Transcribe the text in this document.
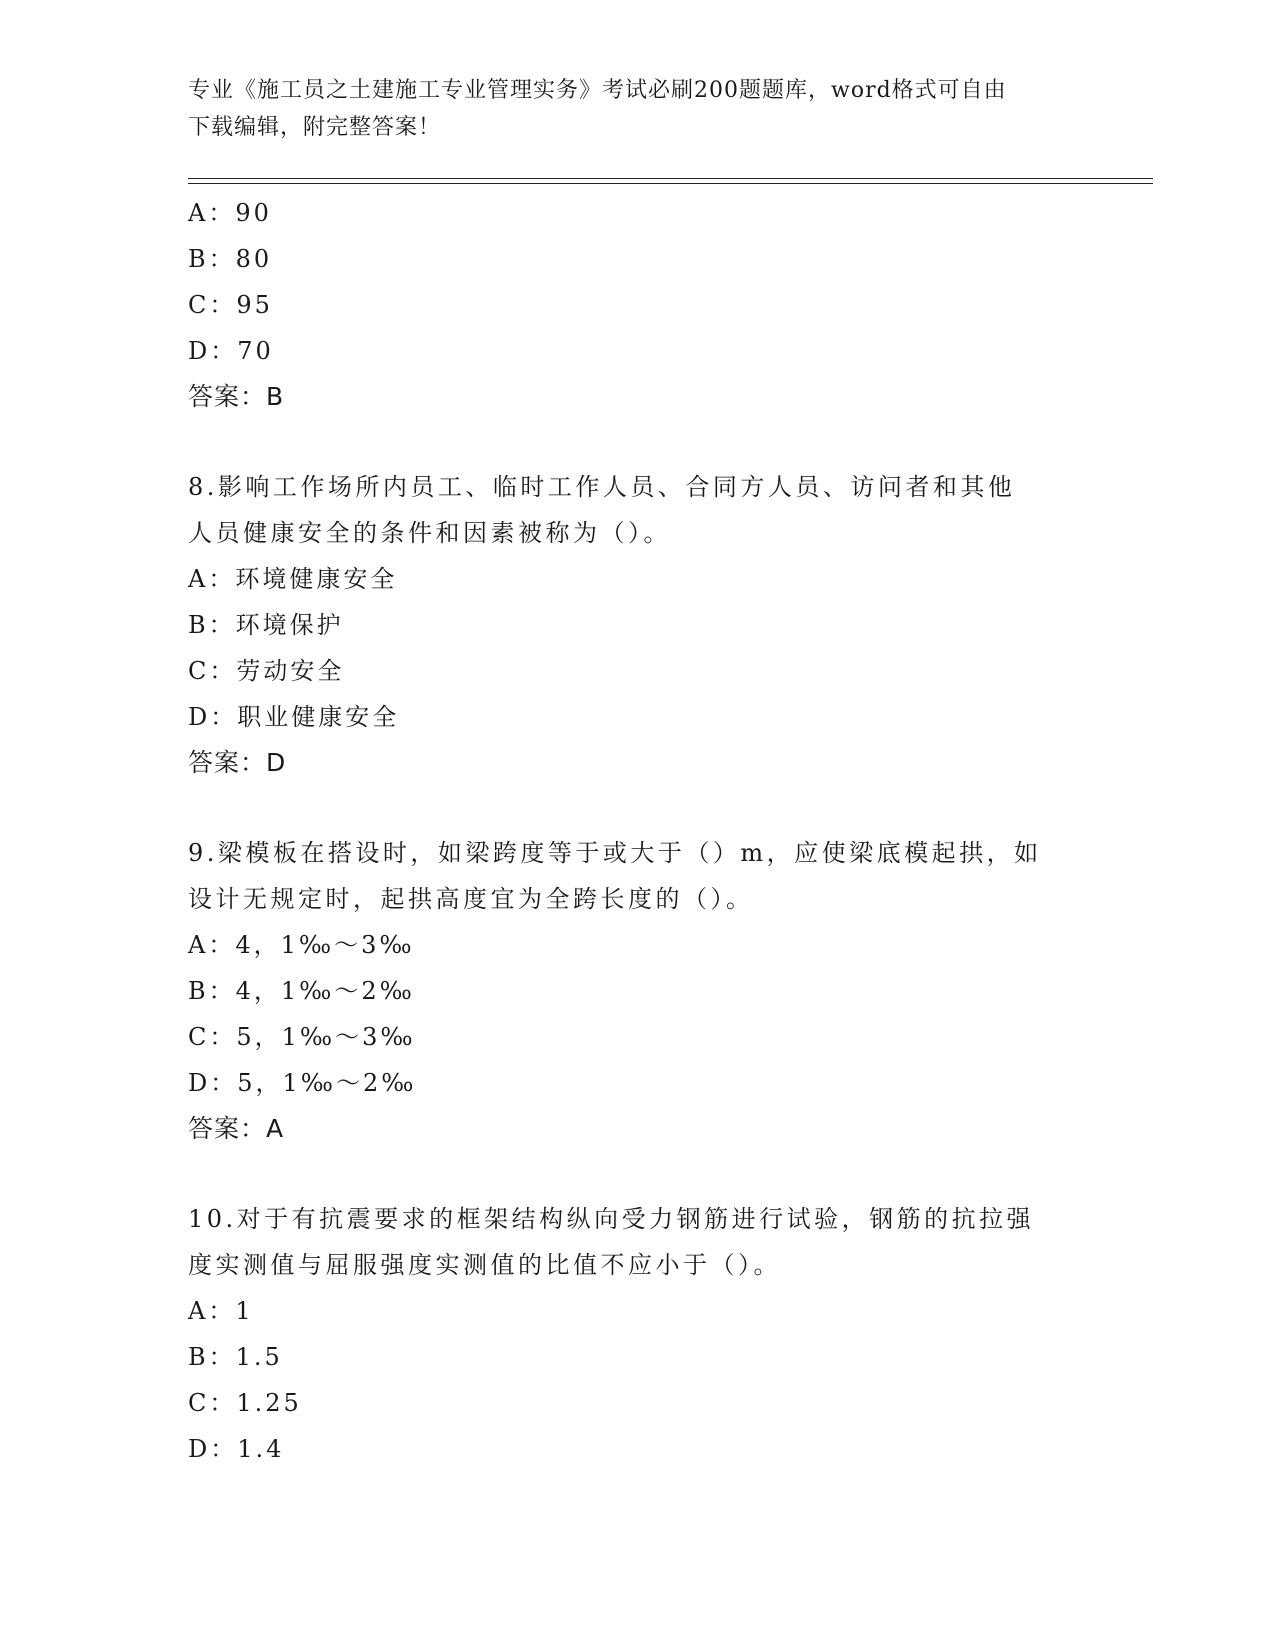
专业《施工员之土建施工专业管理实务》考试必刷200题题库，word格式可自由
下载编辑，附完整答案！
A：90
B：80
C：95
D：70
答案：B
8.影响工作场所内员工、临时工作人员、合同方人员、访问者和其他
人员健康安全的条件和因素被称为（）。
A：环境健康安全
B：环境保护
C：劳动安全
D：职业健康安全
答案：D
9.梁模板在搭设时，如梁跨度等于或大于（）m，应使梁底模起拱，如
设计无规定时，起拱高度宜为全跨长度的（）。
A：4，1‰～3‰
B：4，1‰～2‰
C：5，1‰～3‰
D：5，1‰～2‰
答案：A
10.对于有抗震要求的框架结构纵向受力钢筋进行试验，钢筋的抗拉强
度实测值与屈服强度实测值的比值不应小于（）。
A：1
B：1.5
C：1.25
D：1.4
